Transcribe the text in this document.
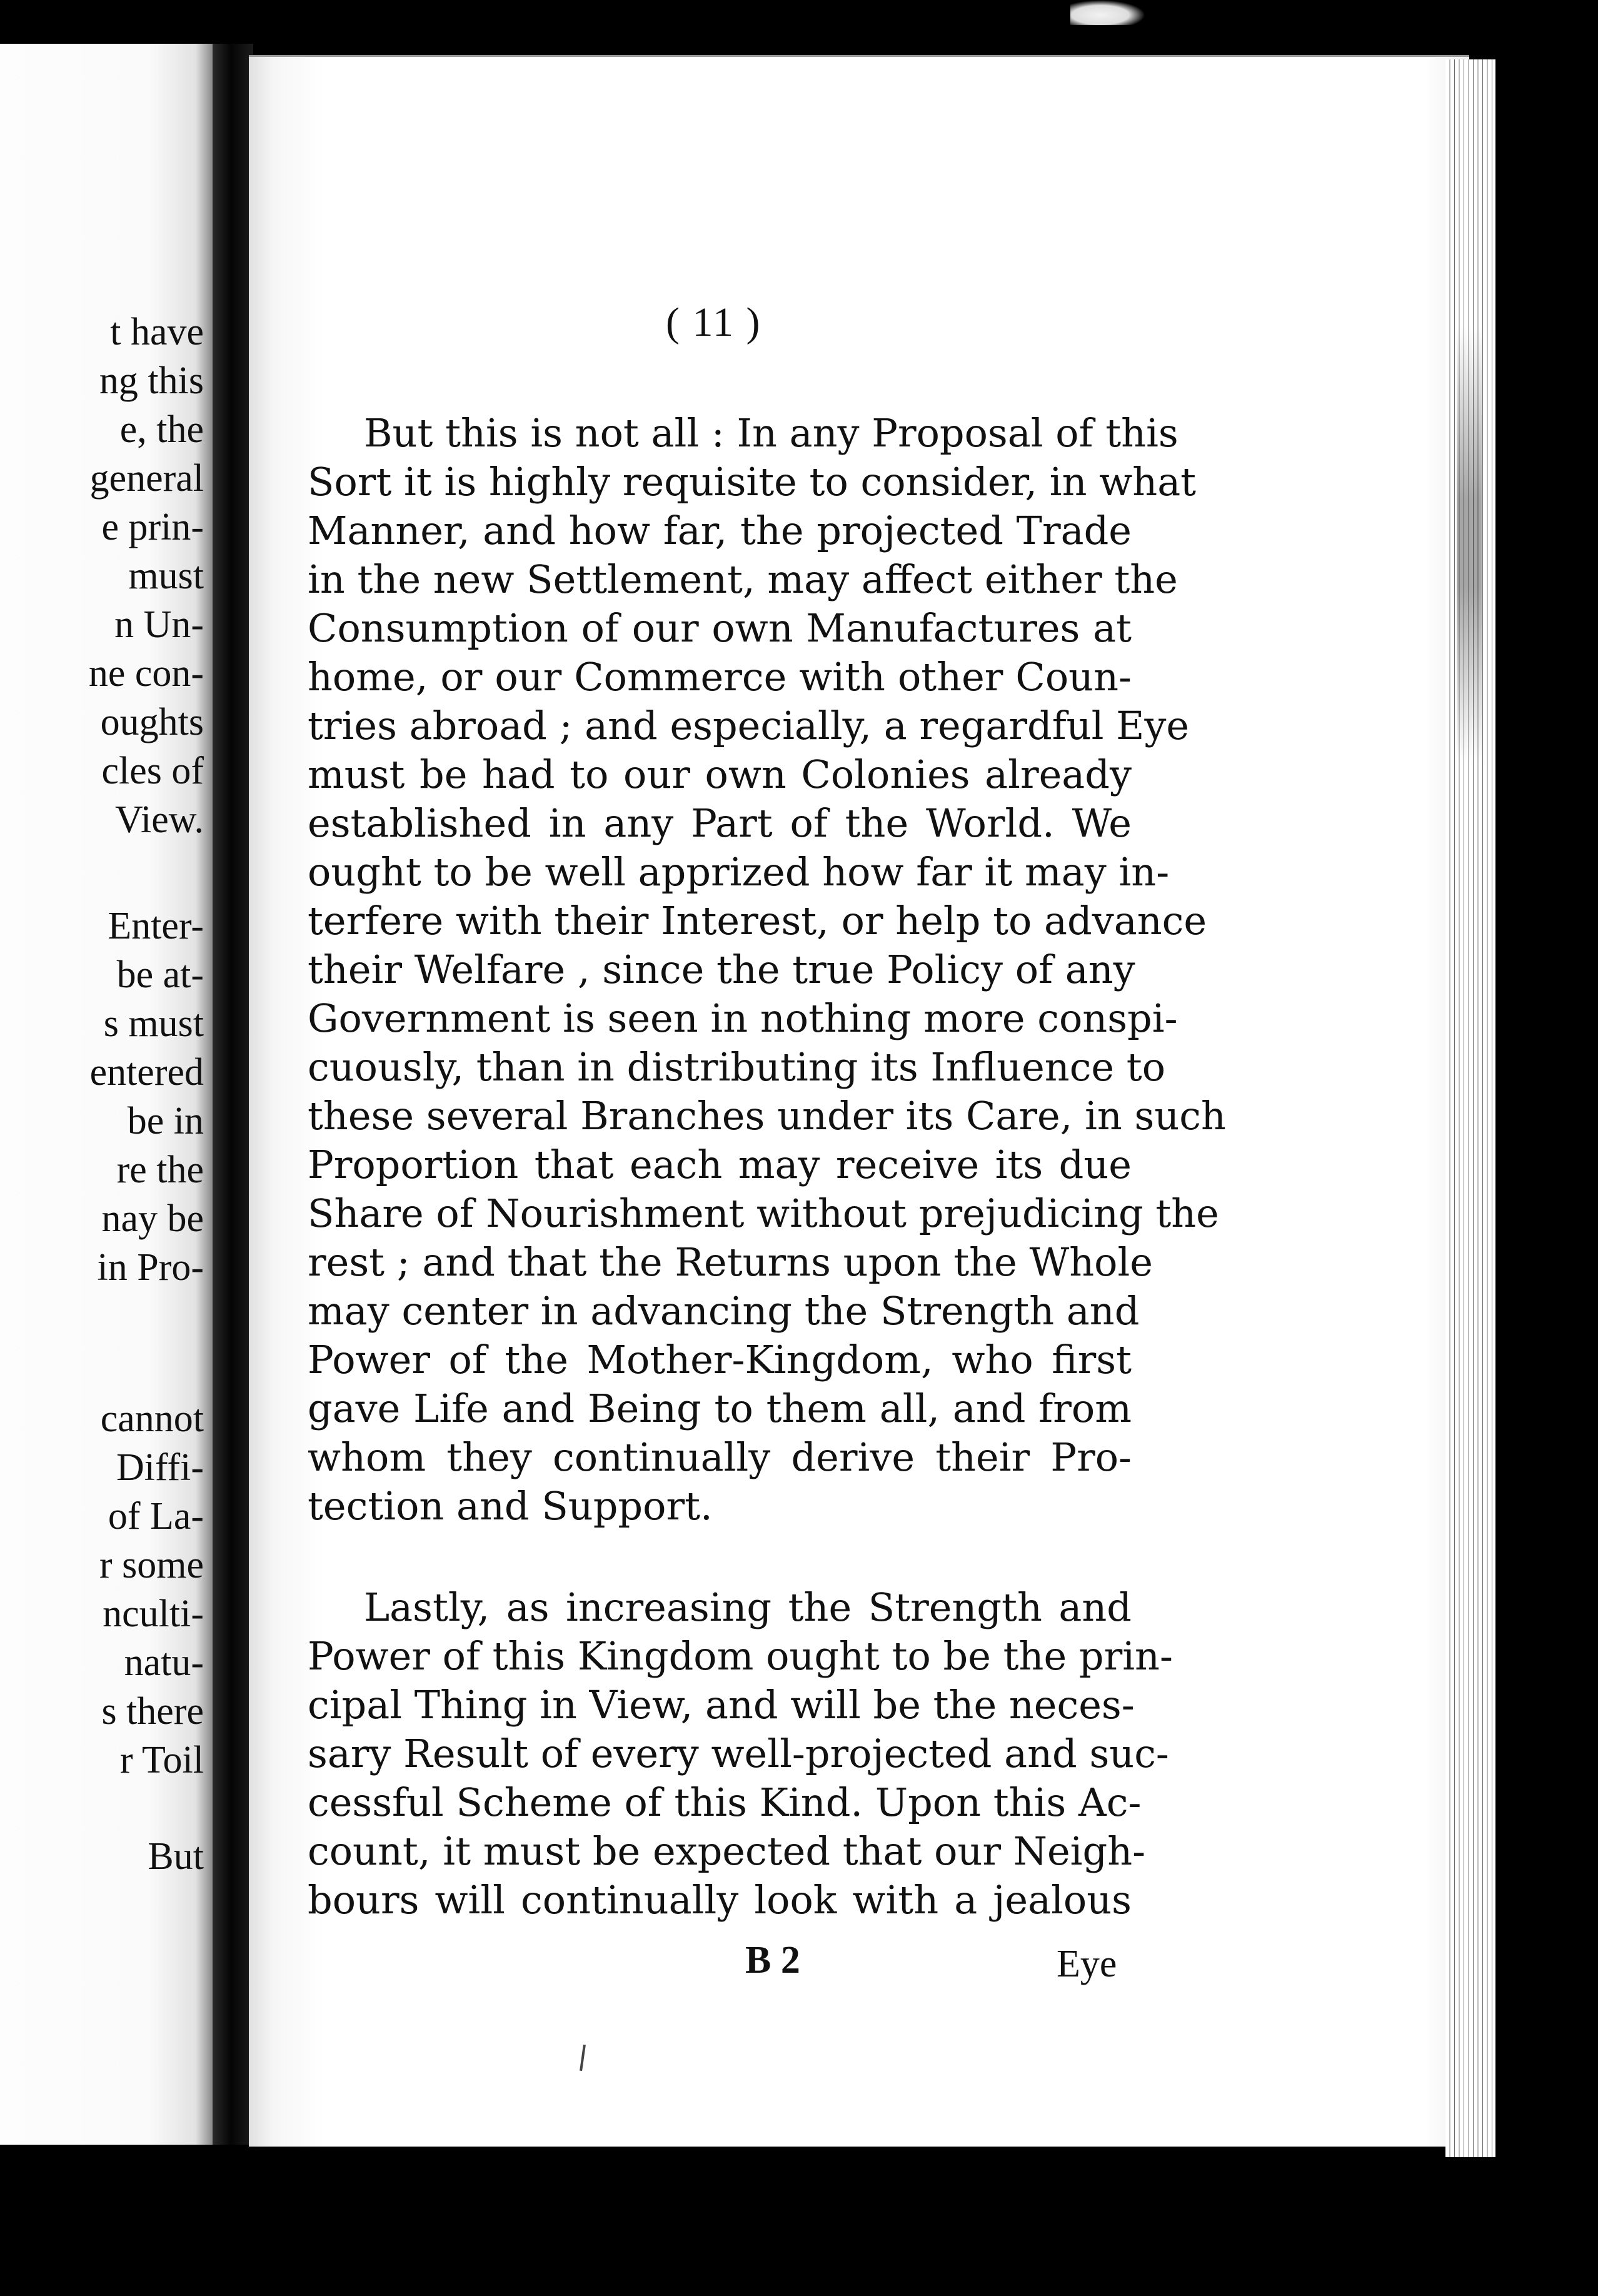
t have

ng this

e, the

general

e prin-

must

n Un-

ne con-

oughts

cles of

View.

Enter-

be at-

s must

entered

be in

re the

nay be

in Pro-

cannot

Diffi-

of La-

r some

nculti-

natu-

s there

r Toil

But

( 11 )

But this is not all : In any Proposal of this

Sort it is highly requisite to consider, in what

Manner, and how far, the projected Trade

in the new Settlement, may affect either the

Consumption of our own Manufactures at

home, or our Commerce with other Coun-

tries abroad ; and especially, a regardful Eye

must be had to our own Colonies already

established in any Part of the World. We

ought to be well apprized how far it may in-

terfere with their Interest, or help to advance

their Welfare , since the true Policy of any

Government is seen in nothing more conspi-

cuously, than in distributing its Influence to

these several Branches under its Care, in such

Proportion that each may receive its due

Share of Nourishment without prejudicing the

rest ; and that the Returns upon the Whole

may center in advancing the Strength and

Power of the Mother-Kingdom, who first

gave Life and Being to them all, and from

whom they continually derive their Pro-

tection and Support.

Lastly, as increasing the Strength and

Power of this Kingdom ought to be the prin-

cipal Thing in View, and will be the neces-

sary Result of every well-projected and suc-

cessful Scheme of this Kind. Upon this Ac-

count, it must be expected that our Neigh-

bours will continually look with a jealous

B 2	Eye
